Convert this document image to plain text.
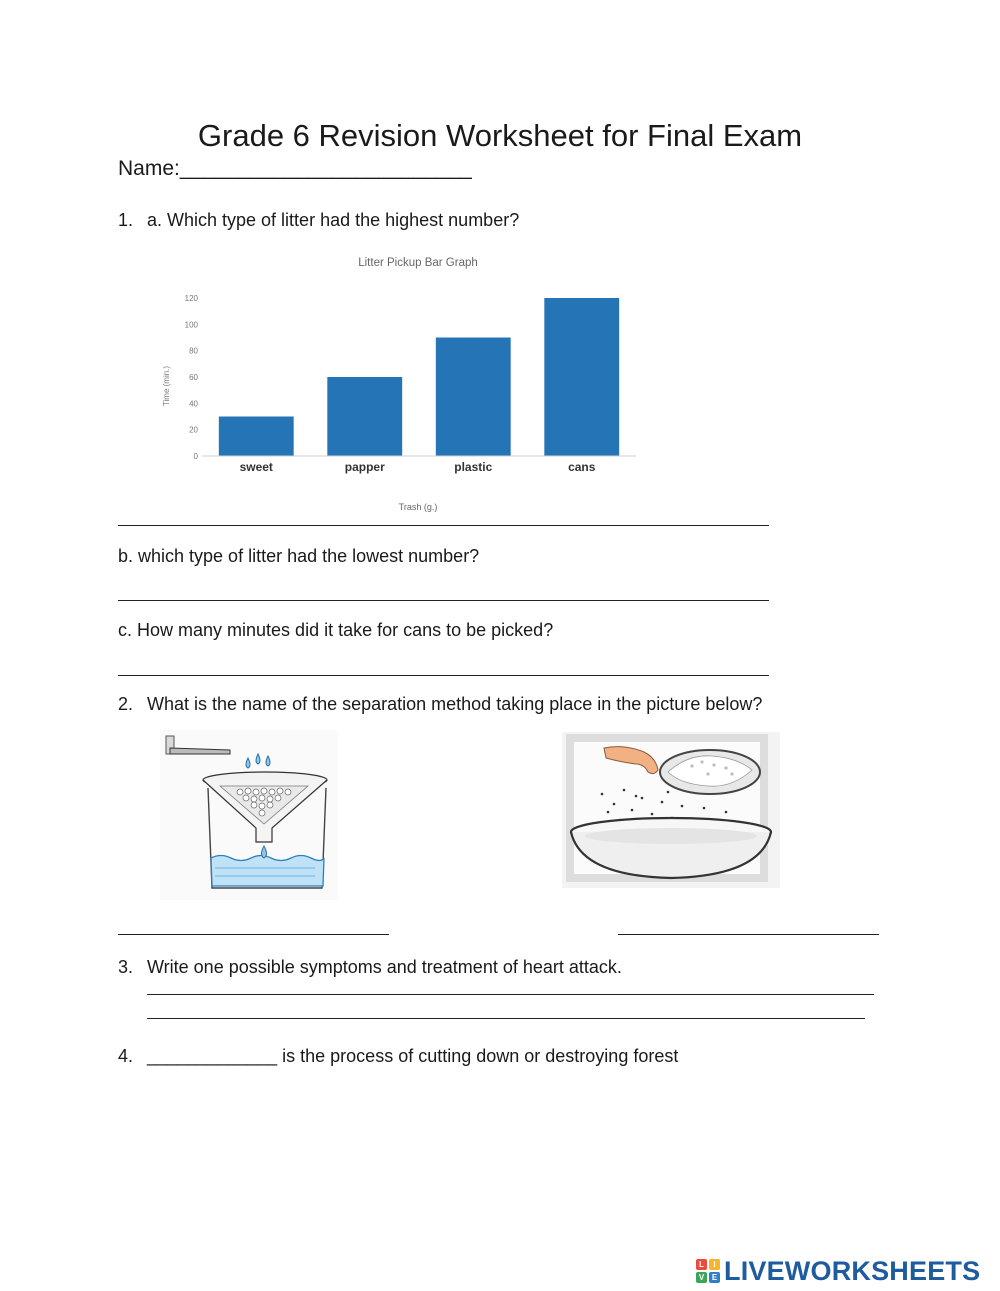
Grade 6 Revision Worksheet for Final Exam
Name:_________________________
1. a. Which type of litter had the highest number?
Litter Pickup Bar Graph
Time (min.)
Trash (g.)
0
20
40
60
80
100
120
sweet	papper	plastic	cans
b. which type of litter had the lowest number?
c. How many minutes did it take for cans to be picked?
2. What is the name of the separation method taking place in the picture below?
3. Write one possible symptoms and treatment of heart attack.
4. _____________ is the process of cutting down or destroying forest
L	I
V E LIVEWORKSHEETS
